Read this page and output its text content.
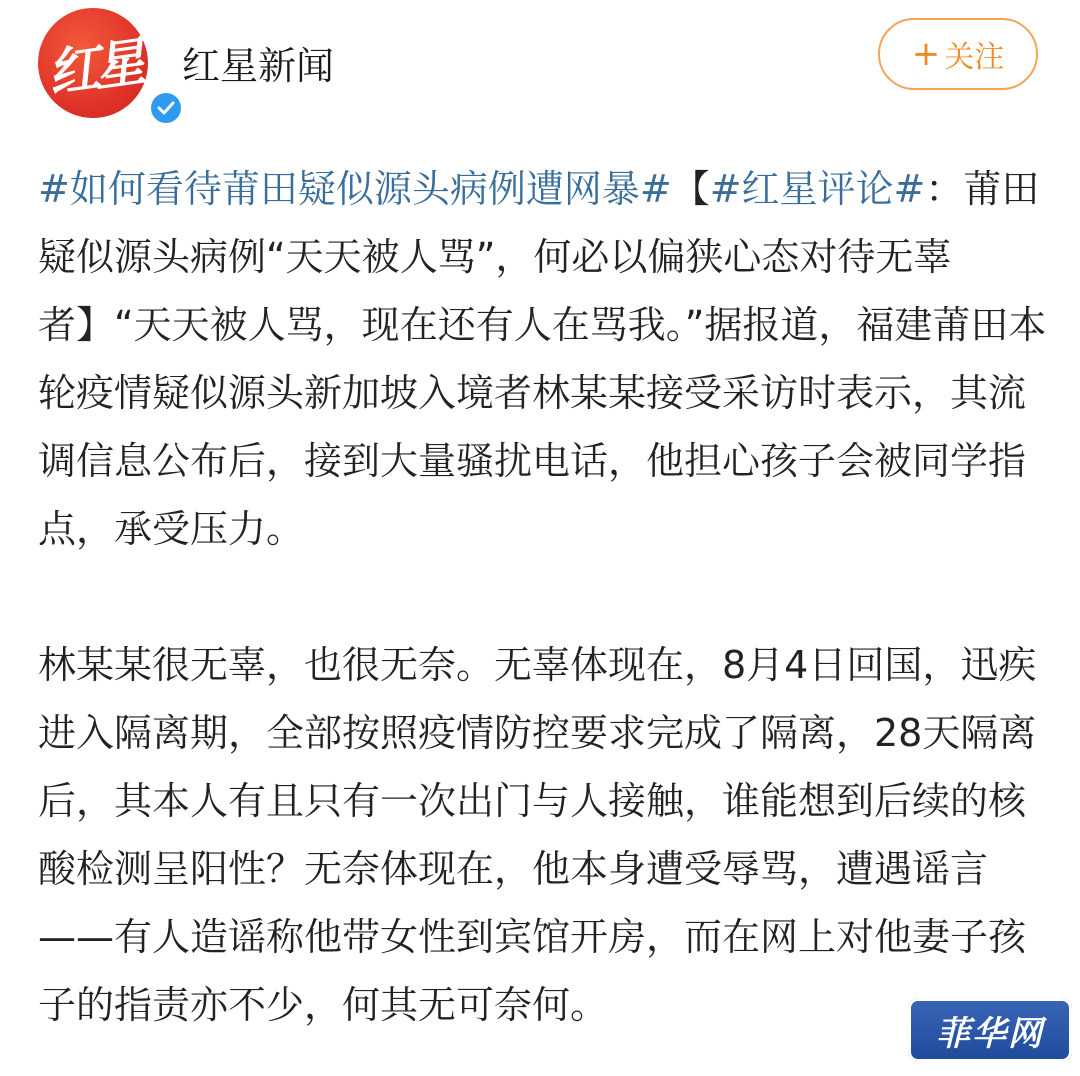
红星	红星新闻	+ 关注

#如何看待莆田疑似源头病例遭网暴#【#红星评论#：莆田疑似源头病例“天天被人骂”，何必以偏狭心态对待无辜者】“天天被人骂，现在还有人在骂我。”据报道，福建莆田本轮疫情疑似源头新加坡入境者林某某接受采访时表示，其流调信息公布后，接到大量骚扰电话，他担心孩子会被同学指点，承受压力。

林某某很无辜，也很无奈。无辜体现在，8月4日回国，迅疾进入隔离期，全部按照疫情防控要求完成了隔离，28天隔离后，其本人有且只有一次出门与人接触，谁能想到后续的核酸检测呈阳性？无奈体现在，他本身遭受辱骂，遭遇谣言——有人造谣称他带女性到宾馆开房，而在网上对他妻子孩子的指责亦不少，何其无可奈何。

菲华网
